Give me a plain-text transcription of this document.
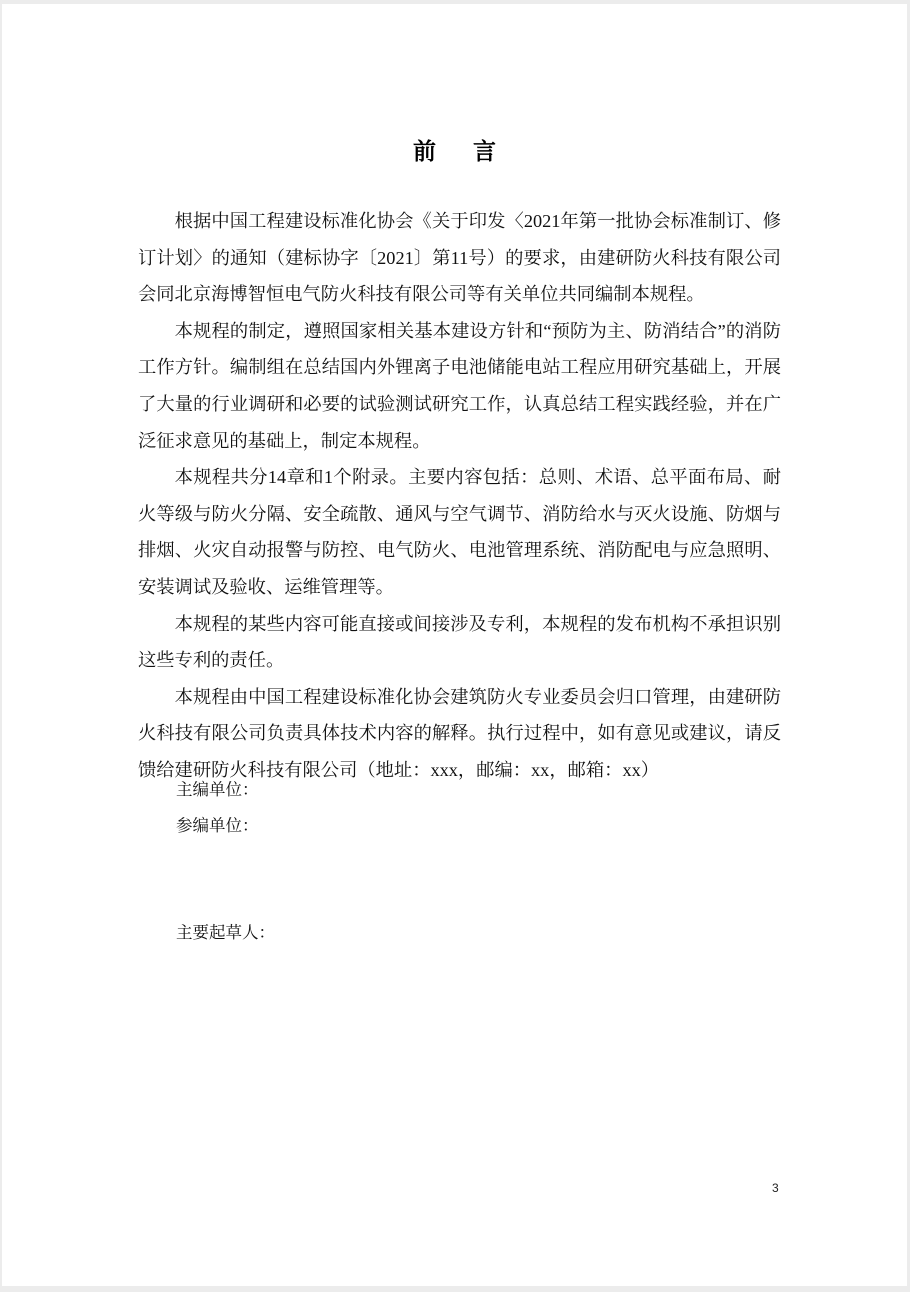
前 言

根据中国工程建设标准化协会《关于印发〈2021年第一批协会标准制订、修订计划〉的通知（建标协字〔2021〕第11号）的要求，由建研防火科技有限公司会同北京海博智恒电气防火科技有限公司等有关单位共同编制本规程。

本规程的制定，遵照国家相关基本建设方针和“预防为主、防消结合”的消防工作方针。编制组在总结国内外锂离子电池储能电站工程应用研究基础上，开展了大量的行业调研和必要的试验测试研究工作，认真总结工程实践经验，并在广泛征求意见的基础上，制定本规程。

本规程共分14章和1个附录。主要内容包括：总则、术语、总平面布局、耐火等级与防火分隔、安全疏散、通风与空气调节、消防给水与灭火设施、防烟与排烟、火灾自动报警与防控、电气防火、电池管理系统、消防配电与应急照明、安装调试及验收、运维管理等。

本规程的某些内容可能直接或间接涉及专利，本规程的发布机构不承担识别这些专利的责任。

本规程由中国工程建设标准化协会建筑防火专业委员会归口管理，由建研防火科技有限公司负责具体技术内容的解释。执行过程中，如有意见或建议，请反馈给建研防火科技有限公司（地址：xxx，邮编：xx，邮箱：xx）

主编单位：
参编单位：
主要起草人：
3
